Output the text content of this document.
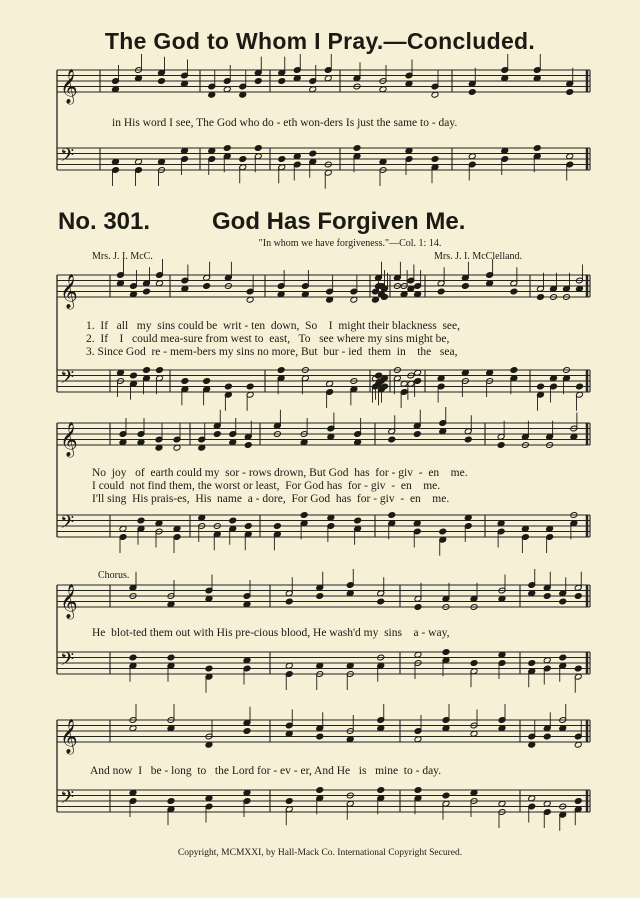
The God to Whom I Pray.—Concluded.
𝄞
𝄢
𝄞
𝄢
𝄞
𝄢
𝄞
𝄢
𝄞
𝄢
in His word I see, The God who do - eth won-ders Is just the same to - day.
No. 301.	God Has Forgiven Me.
"In whom we have forgiveness."—Col. 1: 14.
Mrs. J. I. McC.	Mrs. J. I. McClelland.
1.  If   all   my  sins could be  writ - ten  down,  So    I  might their blackness  see,
2.  If    I   could mea-sure from west to  east,   To   see where my sins might be,
3. Since God  re - mem-bers my sins no more, But  bur - ied  them  in    the   sea,
No  joy   of  earth could my  sor - rows drown, But God  has  for - giv  -  en    me.
I could  not find them, the worst or least,  For God has  for - giv  -  en    me.
I'll sing  His prais-es,  His  name  a - dore,  For God  has  for - giv  -  en    me.
Chorus.
He  blot-ted them out with His pre-cious blood, He wash'd my  sins    a - way,
And now  I   be - long  to   the Lord for - ev - er, And He   is   mine  to - day.
Copyright, MCMXXI, by Hall-Mack Co. International Copyright Secured.
